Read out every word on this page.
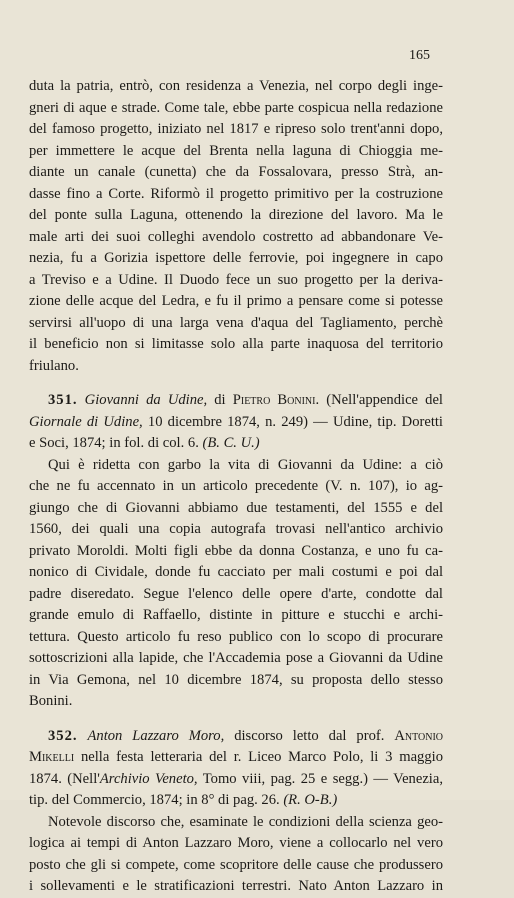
165
duta la patria, entrò, con residenza a Venezia, nel corpo degli inge-
gneri di aque e strade. Come tale, ebbe parte cospicua nella redazione
del famoso progetto, iniziato nel 1817 e ripreso solo trent'anni dopo,
per immettere le acque del Brenta nella laguna di Chioggia me-
diante un canale (cunetta) che da Fossalovara, presso Strà, an-
dasse fino a Corte. Riformò il progetto primitivo per la costruzione
del ponte sulla Laguna, ottenendo la direzione del lavoro. Ma le
male arti dei suoi colleghi avendolo costretto ad abbandonare Ve-
nezia, fu a Gorizia ispettore delle ferrovie, poi ingegnere in capo
a Treviso e a Udine. Il Duodo fece un suo progetto per la deriva-
zione delle acque del Ledra, e fu il primo a pensare come si potesse
servirsi all'uopo di una larga vena d'aqua del Tagliamento, perchè
il beneficio non si limitasse solo alla parte inaquosa del territorio
friulano.
351. Giovanni da Udine, di Pietro Bonini. (Nell'appendice del
Giornale di Udine, 10 dicembre 1874, n. 249) — Udine, tip. Doretti
e Soci, 1874; in fol. di col. 6. (B. C. U.)
Qui è ridetta con garbo la vita di Giovanni da Udine: a ciò
che ne fu accennato in un articolo precedente (V. n. 107), io ag-
giungo che di Giovanni abbiamo due testamenti, del 1555 e del
1560, dei quali una copia autografa trovasi nell'antico archivio
privato Moroldi. Molti figli ebbe da donna Costanza, e uno fu ca-
nonico di Cividale, donde fu cacciato per mali costumi e poi dal
padre diseredato. Segue l'elenco delle opere d'arte, condotte dal
grande emulo di Raffaello, distinte in pitture e stucchi e archi-
tettura. Questo articolo fu reso publico con lo scopo di procurare
sottoscrizioni alla lapide, che l'Accademia pose a Giovanni da Udine
in Via Gemona, nel 10 dicembre 1874, su proposta dello stesso
Bonini.
352. Anton Lazzaro Moro, discorso letto dal prof. Antonio
Mikelli nella festa letteraria del r. Liceo Marco Polo, li 3 maggio
1874. (Nell'Archivio Veneto, Tomo viii, pag. 25 e segg.) — Venezia,
tip. del Commercio, 1874; in 8° di pag. 26. (R. O-B.)
Notevole discorso che, esaminate le condizioni della scienza geo-
logica ai tempi di Anton Lazzaro Moro, viene a collocarlo nel vero
posto che gli si compete, come scopritore delle cause che produssero
i sollevamenti e le stratificazioni terrestri. Nato Anton Lazzaro in
